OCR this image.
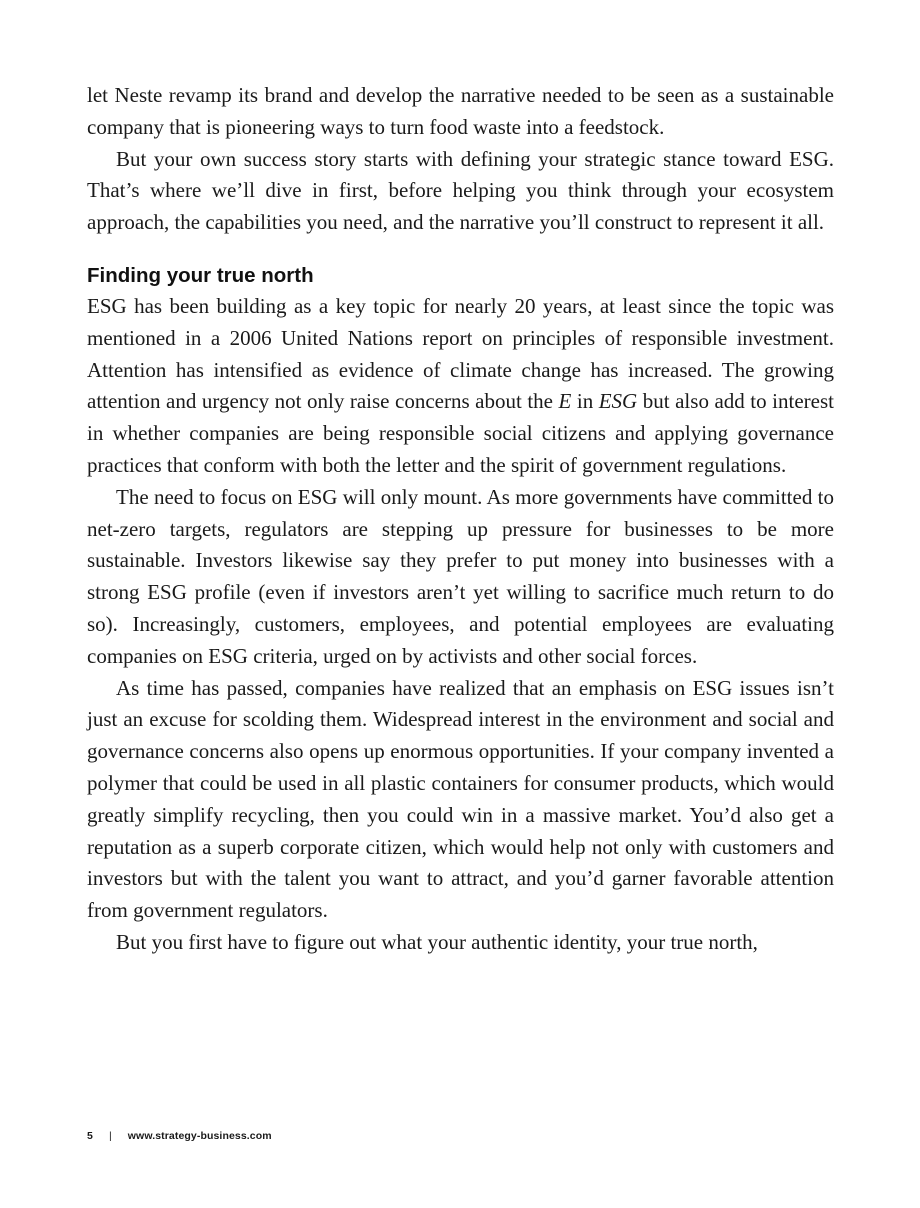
let Neste revamp its brand and develop the narrative needed to be seen as a sustainable company that is pioneering ways to turn food waste into a feedstock.

But your own success story starts with defining your strategic stance toward ESG. That’s where we’ll dive in first, before helping you think through your ecosystem approach, the capabilities you need, and the narrative you’ll construct to represent it all.

Finding your true north

ESG has been building as a key topic for nearly 20 years, at least since the topic was mentioned in a 2006 United Nations report on principles of responsible investment. Attention has intensified as evidence of climate change has increased. The growing attention and urgency not only raise concerns about the E in ESG but also add to interest in whether companies are being responsible social citizens and applying governance practices that conform with both the letter and the spirit of government regulations.

The need to focus on ESG will only mount. As more governments have committed to net-zero targets, regulators are stepping up pressure for businesses to be more sustainable. Investors likewise say they prefer to put money into businesses with a strong ESG profile (even if investors aren’t yet willing to sacrifice much return to do so). Increasingly, customers, employees, and potential employees are evaluating companies on ESG criteria, urged on by activists and other social forces.

As time has passed, companies have realized that an emphasis on ESG issues isn’t just an excuse for scolding them. Widespread interest in the environment and social and governance concerns also opens up enormous opportunities. If your company invented a polymer that could be used in all plastic containers for consumer products, which would greatly simplify recycling, then you could win in a massive market. You’d also get a reputation as a superb corporate citizen, which would help not only with customers and investors but with the talent you want to attract, and you’d garner favorable attention from government regulators.

But you first have to figure out what your authentic identity, your true north,

5 | www.strategy-business.com
